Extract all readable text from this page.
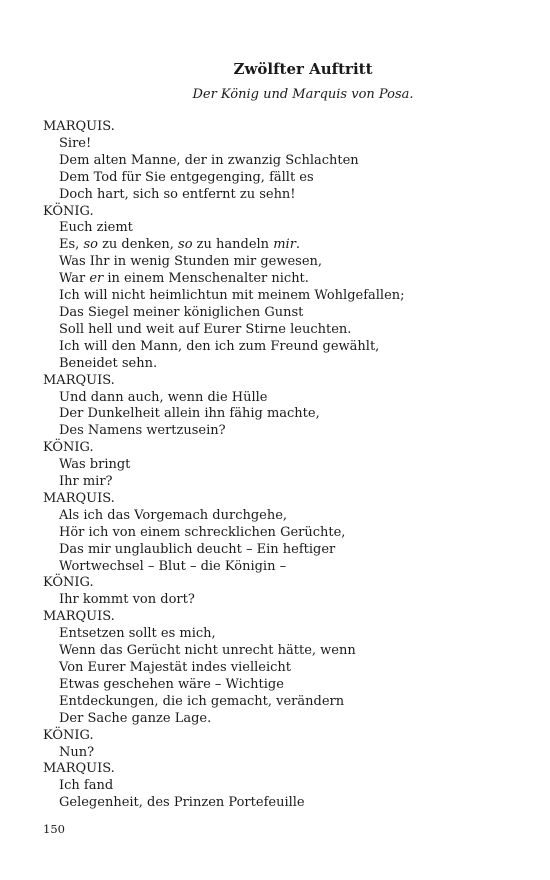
Zwölfter Auftritt
Der König und Marquis von Posa.
MARQUIS.
Sire!
Dem alten Manne, der in zwanzig Schlachten
Dem Tod für Sie entgegenging, fällt es
Doch hart, sich so entfernt zu sehn!
KÖNIG.
Euch ziemt
Es, so zu denken, so zu handeln mir.
Was Ihr in wenig Stunden mir gewesen,
War er in einem Menschenalter nicht.
Ich will nicht heimlichtun mit meinem Wohlgefallen;
Das Siegel meiner königlichen Gunst
Soll hell und weit auf Eurer Stirne leuchten.
Ich will den Mann, den ich zum Freund gewählt,
Beneidet sehn.
MARQUIS.
Und dann auch, wenn die Hülle
Der Dunkelheit allein ihn fähig machte,
Des Namens wertzusein?
KÖNIG.
Was bringt
Ihr mir?
MARQUIS.
Als ich das Vorgemach durchgehe,
Hör ich von einem schrecklichen Gerüchte,
Das mir unglaublich deucht – Ein heftiger
Wortwechsel – Blut – die Königin –
KÖNIG.
Ihr kommt von dort?
MARQUIS.
Entsetzen sollt es mich,
Wenn das Gerücht nicht unrecht hätte, wenn
Von Eurer Majestät indes vielleicht
Etwas geschehen wäre – Wichtige
Entdeckungen, die ich gemacht, verändern
Der Sache ganze Lage.
KÖNIG.
Nun?
MARQUIS.
Ich fand
Gelegenheit, des Prinzen Portefeuille
150
